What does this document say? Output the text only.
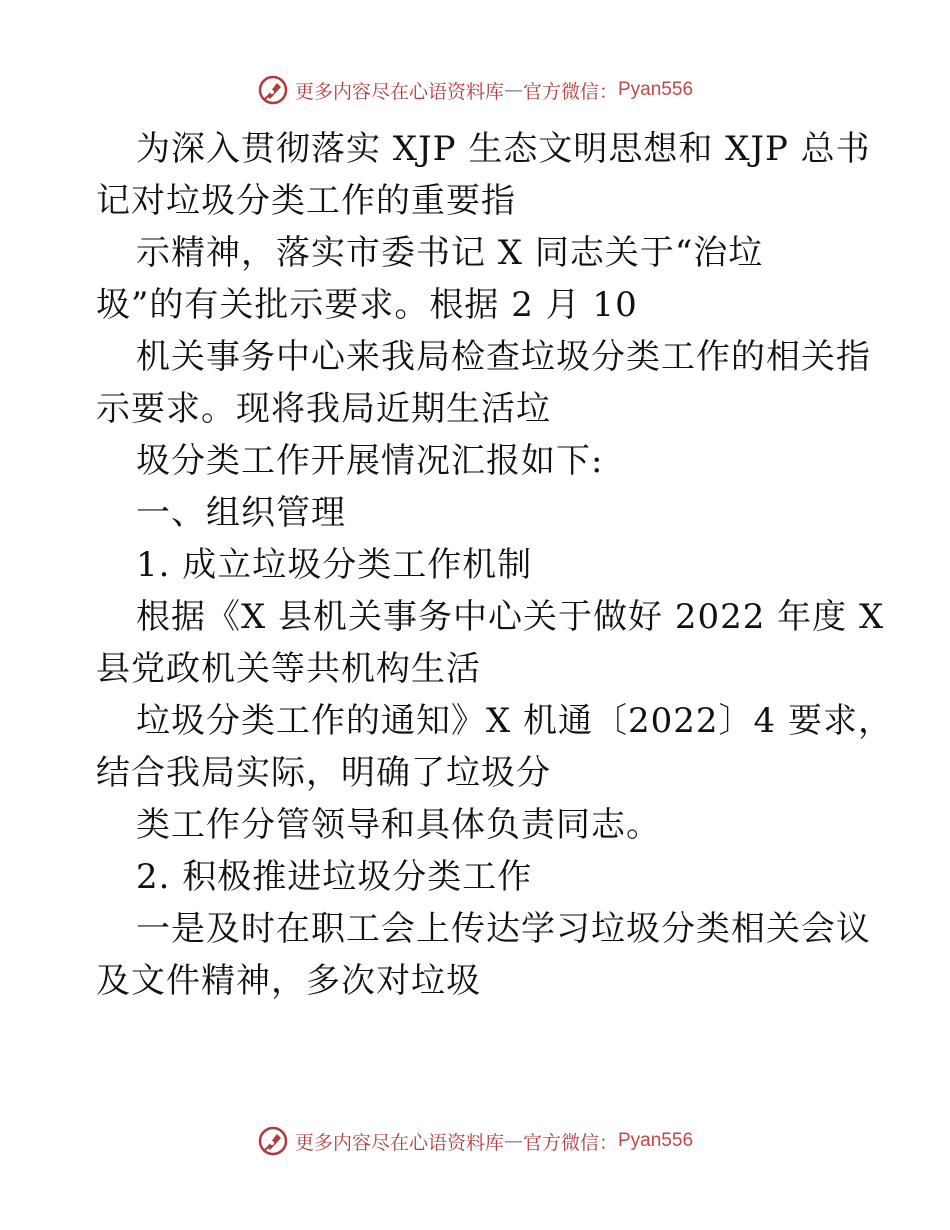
更多内容尽在心语资料库 — 官方微信： Pyan556
为深入贯彻落实 XJP 生态文明思想和 XJP 总书
记对垃圾分类工作的重要指
示精神，落实市委书记 X 同志关于“治垃
圾”的有关批示要求。根据 2 月 10
机关事务中心来我局检查垃圾分类工作的相关指
示要求。现将我局近期生活垃
圾分类工作开展情况汇报如下:
一、组织管理
1. 成立垃圾分类工作机制
根据《X 县机关事务中心关于做好 2022 年度 X
县党政机关等共机构生活
垃圾分类工作的通知》X 机通〔2022〕4 要求，
结合我局实际，明确了垃圾分
类工作分管领导和具体负责同志。
2. 积极推进垃圾分类工作
一是及时在职工会上传达学习垃圾分类相关会议
及文件精神，多次对垃圾
更多内容尽在心语资料库 — 官方微信： Pyan556
